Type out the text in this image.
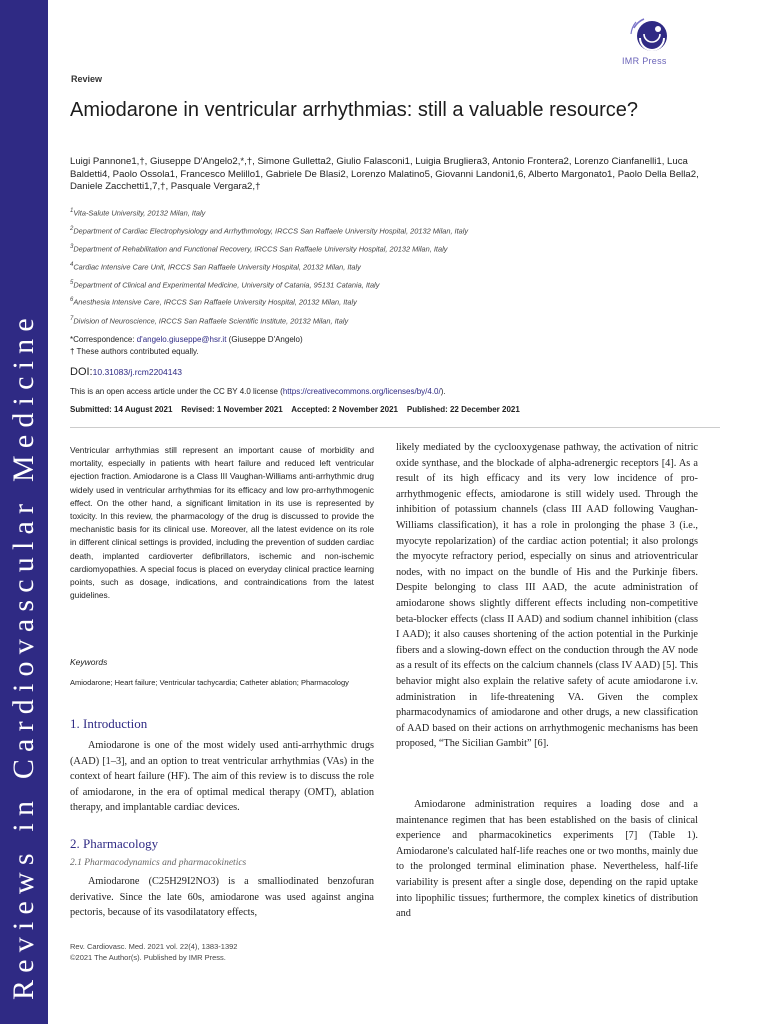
Reviews in Cardiovascular Medicine
IMR Press
Review
Amiodarone in ventricular arrhythmias: still a valuable resource?
Luigi Pannone1,†, Giuseppe D'Angelo2,*,†, Simone Gulletta2, Giulio Falasconi1, Luigia Brugliera3, Antonio Frontera2, Lorenzo Cianfanelli1, Luca Baldetti4, Paolo Ossola1, Francesco Melillo1, Gabriele De Blasi2, Lorenzo Malatino5, Giovanni Landoni1,6, Alberto Margonato1, Paolo Della Bella2, Daniele Zacchetti1,7,†, Pasquale Vergara2,†
$^1$Vita-Salute University, 20132 Milan, Italy
$^2$Department of Cardiac Electrophysiology and Arrhythmology, IRCCS San Raffaele University Hospital, 20132 Milan, Italy
$^3$Department of Rehabilitation and Functional Recovery, IRCCS San Raffaele University Hospital, 20132 Milan, Italy
$^4$Cardiac Intensive Care Unit, IRCCS San Raffaele University Hospital, 20132 Milan, Italy
$^5$Department of Clinical and Experimental Medicine, University of Catania, 95131 Catania, Italy
$^6$Anesthesia Intensive Care, IRCCS San Raffaele University Hospital, 20132 Milan, Italy
$^7$Division of Neuroscience, IRCCS San Raffaele Scientific Institute, 20132 Milan, Italy
*Correspondence: d'angelo.giuseppe@hsr.it (Giuseppe D'Angelo)
† These authors contributed equally.
DOI:10.31083/j.rcm2204143
This is an open access article under the CC BY 4.0 license (https://creativecommons.org/licenses/by/4.0/).
Submitted: 14 August 2021    Revised: 1 November 2021    Accepted: 2 November 2021    Published: 22 December 2021
Ventricular arrhythmias still represent an important cause of morbidity and mortality, especially in patients with heart failure and reduced left ventricular ejection fraction. Amiodarone is a Class III Vaughan-Williams anti-arrhythmic drug widely used in ventricular arrhythmias for its efficacy and low pro-arrhythmogenic effect. On the other hand, a significant limitation in its use is represented by toxicity. In this review, the pharmacology of the drug is discussed to provide the mechanistic basis for its clinical use. Moreover, all the latest evidence on its role in different clinical settings is provided, including the prevention of sudden cardiac death, implanted cardioverter defibrillators, ischemic and non-ischemic cardiomyopathies. A special focus is placed on everyday clinical practice learning points, such as dosage, indications, and contraindications from the latest guidelines.
Keywords
Amiodarone; Heart failure; Ventricular tachycardia; Catheter ablation; Pharmacology
1. Introduction

Amiodarone is one of the most widely used anti-arrhythmic drugs (AAD) [1–3], and an option to treat ventricular arrhythmias (VAs) in the context of heart failure (HF). The aim of this review is to discuss the role of amiodarone, in the era of optimal medical therapy (OMT), ablation therapy, and implantable cardiac devices.

2. Pharmacology
2.1 Pharmacodynamics and pharmacokinetics

Amiodarone (C25H29I2NO3) is a smalliodinated benzofuran derivative. Since the late 60s, amiodarone was used against angina pectoris, because of its vasodilatatory effects,

likely mediated by the cyclooxygenase pathway, the activation of nitric oxide synthase, and the blockade of alpha-adrenergic receptors [4]. As a result of its high efficacy and its very low incidence of pro-arrhythmogenic effects, amiodarone is still widely used. Through the inhibition of potassium channels (class III AAD following Vaughan-Williams classification), it has a role in prolonging the phase 3 (i.e., myocyte repolarization) of the cardiac action potential; it also prolongs the myocyte refractory period, especially on sinus and atrioventricular nodes, with no impact on the bundle of His and the Purkinje fibers. Despite belonging to class III AAD, the acute administration of amiodarone shows slightly different effects including non-competitive beta-blocker effects (class II AAD) and sodium channel inhibition (class I AAD); it also causes shortening of the action potential in the Purkinje fibers and a slowing-down effect on the conduction through the AV node as a result of its effects on the calcium channels (class IV AAD) [5]. This behavior might also explain the relative safety of acute amiodarone i.v. administration in life-threatening VA. Given the complex pharmacodynamics of amiodarone and other drugs, a new classification of AAD based on their actions on arrhythmogenic mechanisms has been proposed, “The Sicilian Gambit” [6].

Amiodarone administration requires a loading dose and a maintenance regimen that has been established on the basis of clinical experience and pharmacokinetics experiments [7] (Table 1). Amiodarone's calculated half-life reaches one or two months, mainly due to the prolonged terminal elimination phase. Nevertheless, half-life variability is present after a single dose, depending on the rapid uptake into lipophilic tissues; furthermore, the complex kinetics of distribution and

Rev. Cardiovasc. Med. 2021 vol. 22(4), 1383-1392
©2021 The Author(s). Published by IMR Press.
